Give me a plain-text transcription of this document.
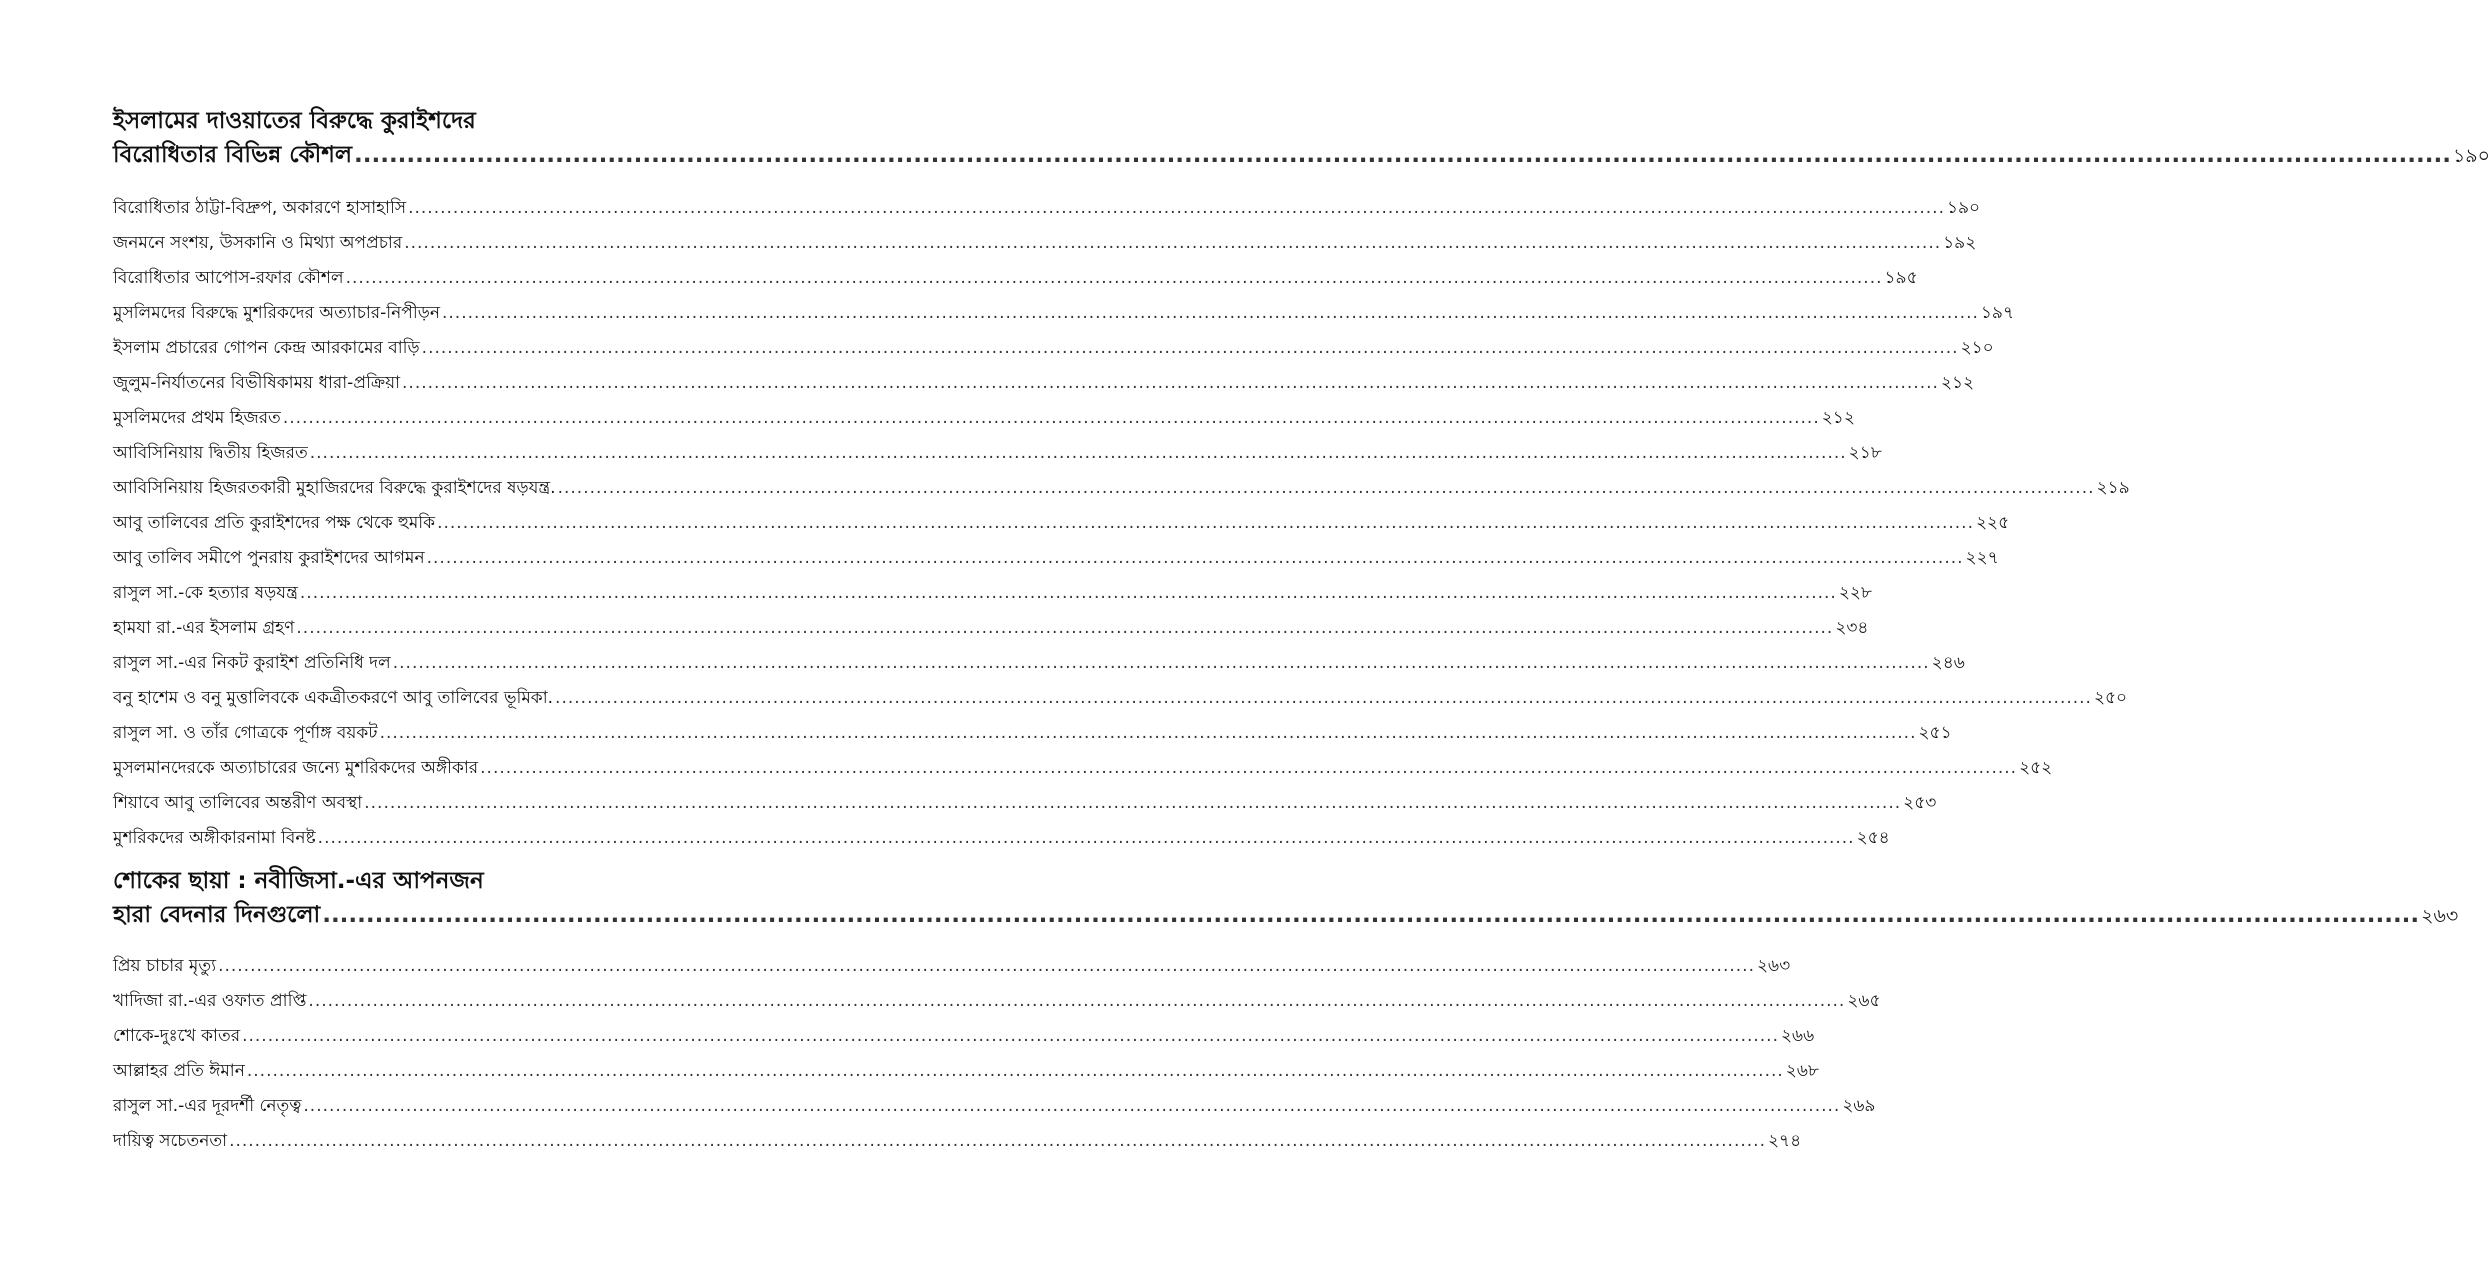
ইসলামের দাওয়াতের বিরুদ্ধে কুরাইশদের
বিরোধিতার বিভিন্ন কৌশল ................................................................................................................................................................................................................................................ ১৯০
বিরোধিতার ঠাট্টা-বিদ্রুপ, অকারণে হাসাহাসি ................................................................................................................................................................................................................................................ ১৯০
জনমনে সংশয়, উসকানি ও মিথ্যা অপপ্রচার ................................................................................................................................................................................................................................................ ১৯২
বিরোধিতার আপোস-রফার কৌশল ................................................................................................................................................................................................................................................ ১৯৫
মুসলিমদের বিরুদ্ধে মুশরিকদের অত্যাচার-নিপীড়ন ................................................................................................................................................................................................................................................ ১৯৭
ইসলাম প্রচারের গোপন কেন্দ্র আরকামের বাড়ি ................................................................................................................................................................................................................................................ ২১০
জুলুম-নির্যাতনের বিভীষিকাময় ধারা-প্রক্রিয়া ................................................................................................................................................................................................................................................ ২১২
মুসলিমদের প্রথম হিজরত ................................................................................................................................................................................................................................................ ২১২
আবিসিনিয়ায় দ্বিতীয় হিজরত ................................................................................................................................................................................................................................................ ২১৮
আবিসিনিয়ায় হিজরতকারী মুহাজিরদের বিরুদ্ধে কুরাইশদের ষড়যন্ত্র. ................................................................................................................................................................................................................................................ ২১৯
আবু তালিবের প্রতি কুরাইশদের পক্ষ থেকে হুমকি ................................................................................................................................................................................................................................................ ২২৫
আবু তালিব সমীপে পুনরায় কুরাইশদের আগমন ................................................................................................................................................................................................................................................ ২২৭
রাসুল সা.-কে হত্যার ষড়যন্ত্র ................................................................................................................................................................................................................................................ ২২৮
হামযা রা.-এর ইসলাম গ্রহণ ................................................................................................................................................................................................................................................ ২৩৪
রাসুল সা.-এর নিকট কুরাইশ প্রতিনিধি দল ................................................................................................................................................................................................................................................ ২৪৬
বনু হাশেম ও বনু মুত্তালিবকে একত্রীতকরণে আবু তালিবের ভূমিকা. ................................................................................................................................................................................................................................................ ২৫০
রাসুল সা. ও তাঁর গোত্রকে পূর্ণাঙ্গ বয়কট ................................................................................................................................................................................................................................................ ২৫১
মুসলমানদেরকে অত্যাচারের জন্যে মুশরিকদের অঙ্গীকার ................................................................................................................................................................................................................................................ ২৫২
শিয়াবে আবু তালিবের অন্তরীণ অবস্থা ................................................................................................................................................................................................................................................ ২৫৩
মুশরিকদের অঙ্গীকারনামা বিনষ্ট ................................................................................................................................................................................................................................................ ২৫৪
শোকের ছায়া : নবীজিসা.-এর আপনজন
হারা বেদনার দিনগুলো ................................................................................................................................................................................................................................................ ২৬৩
প্রিয় চাচার মৃত্যু ................................................................................................................................................................................................................................................ ২৬৩
খাদিজা রা.-এর ওফাত প্রাপ্তি ................................................................................................................................................................................................................................................ ২৬৫
শোকে-দুঃখে কাতর ................................................................................................................................................................................................................................................ ২৬৬
আল্লাহর প্রতি ঈমান ................................................................................................................................................................................................................................................ ২৬৮
রাসুল সা.-এর দূরদর্শী নেতৃত্ব ................................................................................................................................................................................................................................................ ২৬৯
দায়িত্ব সচেতনতা ................................................................................................................................................................................................................................................ ২৭৪
